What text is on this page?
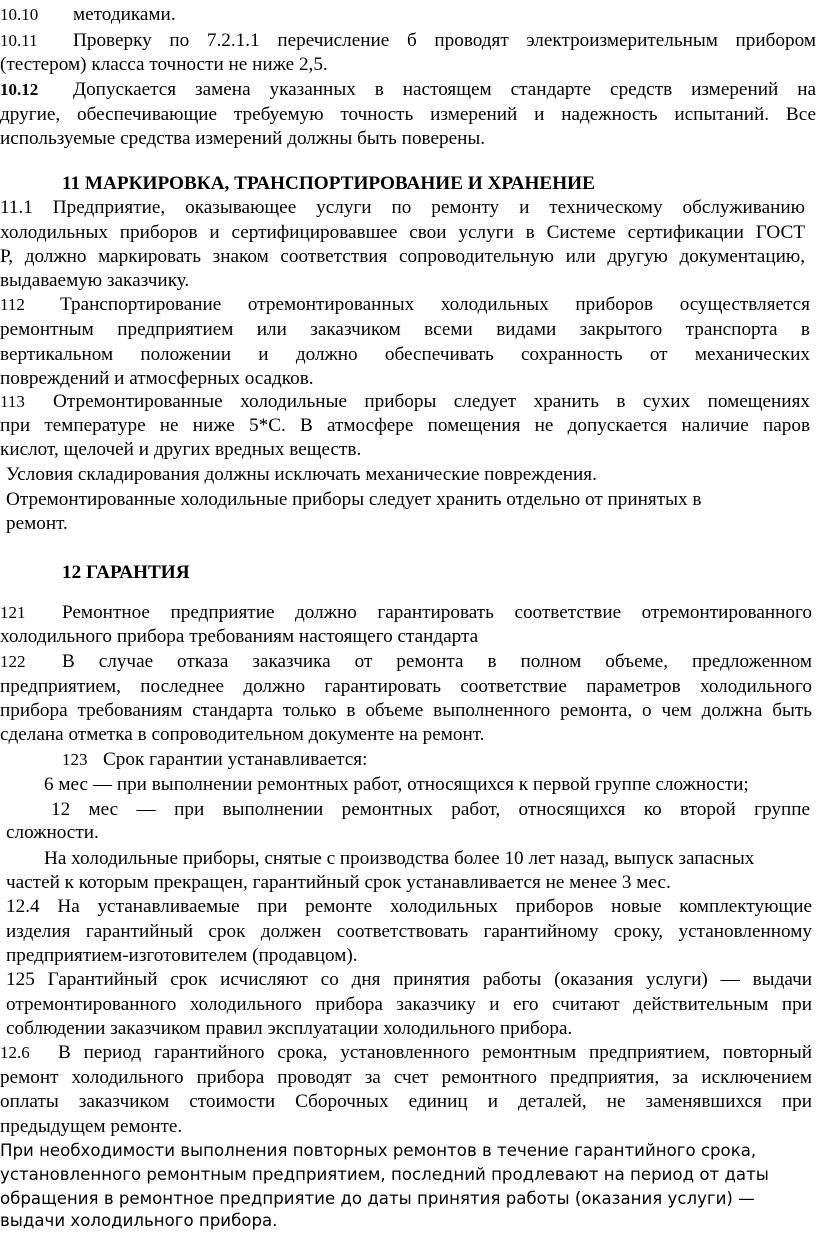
10.10 методиками.
10.11 Проверку по 7.2.1.1 перечисление б проводят электроизмерительным прибором
(тестером) класса точности не ниже 2,5.
10.12 Допускается замена указанных в настоящем стандарте средств измерений на
другие, обеспечивающие требуемую точность измерений и надежность испытаний. Все
используемые средства измерений должны быть поверены.
11 МАРКИРОВКА, ТРАНСПОРТИРОВАНИЕ И ХРАНЕНИЕ
11.1 Предприятие, оказывающее услуги по ремонту и техническому обслуживанию
холодильных приборов и сертифицировавшее свои услуги в Системе сертификации ГОСТ
Р, должно маркировать знаком соответствия сопроводительную или другую документацию,
выдаваемую заказчику.
112 Транспортирование отремонтированных холодильных приборов осуществляется
ремонтным предприятием или заказчиком всеми видами закрытого транспорта в
вертикальном положении и должно обеспечивать сохранность от механических
повреждений и атмосферных осадков.
113 Отремонтированные холодильные приборы следует хранить в сухих помещениях
при температуре не ниже 5*С. В атмосфере помещения не допускается наличие паров
кислот, щелочей и других вредных веществ.
Условия складирования должны исключать механические повреждения.
Отремонтированные холодильные приборы следует хранить отдельно от принятых в
ремонт.
12 ГАРАНТИЯ
121 Ремонтное предприятие должно гарантировать соответствие отремонтированного
холодильного прибора требованиям настоящего стандарта
122 В случае отказа заказчика от ремонта в полном объеме, предложенном
предприятием, последнее должно гарантировать соответствие параметров холодильного
прибора требованиям стандарта только в объеме выполненного ремонта, о чем должна быть
сделана отметка в сопроводительном документе на ремонт.
123 Срок гарантии устанавливается:
6 мес — при выполнении ремонтных работ, относящихся к первой группе сложности;
12 мес — при выполнении ремонтных работ, относящихся ко второй группе
сложности.
На холодильные приборы, снятые с производства более 10 лет назад, выпуск запасных
частей к которым прекращен, гарантийный срок устанавливается не менее 3 мес.
12.4 На устанавливаемые при ремонте холодильных приборов новые комплектующие
изделия гарантийный срок должен соответствовать гарантийному сроку, установленному
предприятием-изготовителем (продавцом).
125 Гарантийный срок исчисляют со дня принятия работы (оказания услуги) — выдачи
отремонтированного холодильного прибора заказчику и его считают действительным при
соблюдении заказчиком правил эксплуатации холодильного прибора.
12.6 В период гарантийного срока, установленного ремонтным предприятием, повторный
ремонт холодильного прибора проводят за счет ремонтного предприятия, за исключением
оплаты заказчиком стоимости Сборочных единиц и деталей, не заменявшихся при
предыдущем ремонте.
При необходимости выполнения повторных ремонтов в течение гарантийного срока,
установленного ремонтным предприятием, последний продлевают на период от даты
обращения в ремонтное предприятие до даты принятия работы (оказания услуги) —
выдачи холодильного прибора.
